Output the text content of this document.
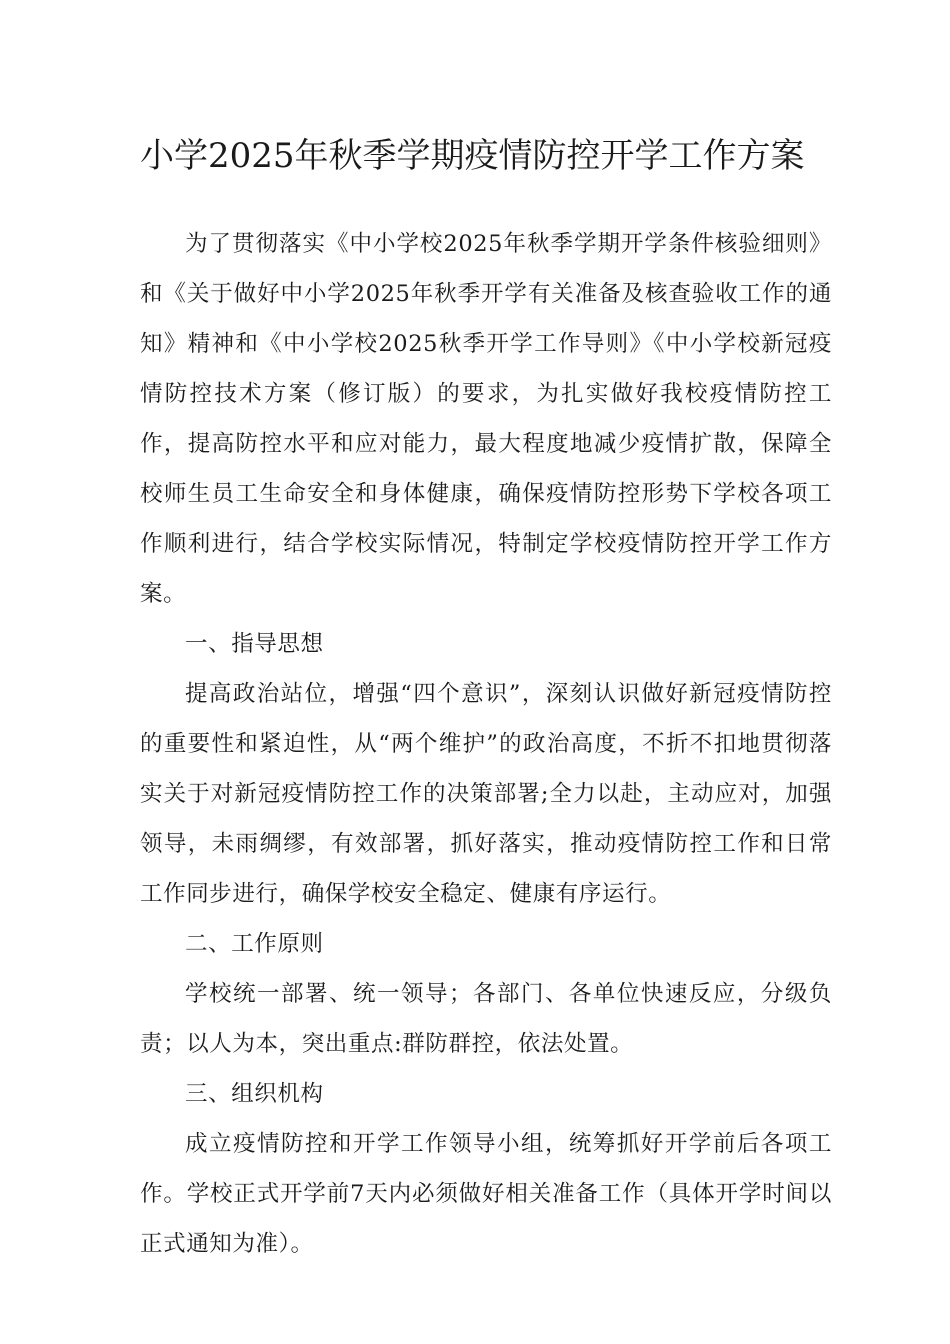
小学2025年秋季学期疫情防控开学工作方案

为了贯彻落实《中小学校2025年秋季学期开学条件核验细则》和《关于做好中小学2025年秋季开学有关准备及核查验收工作的通知》精神和《中小学校2025秋季开学工作导则》《中小学校新冠疫情防控技术方案（修订版）的要求，为扎实做好我校疫情防控工作，提高防控水平和应对能力，最大程度地减少疫情扩散，保障全校师生员工生命安全和身体健康，确保疫情防控形势下学校各项工作顺利进行，结合学校实际情况，特制定学校疫情防控开学工作方案。

一、指导思想

提高政治站位，增强“四个意识”，深刻认识做好新冠疫情防控的重要性和紧迫性，从“两个维护”的政治高度，不折不扣地贯彻落实关于对新冠疫情防控工作的决策部署;全力以赴，主动应对，加强领导，未雨绸缪，有效部署，抓好落实，推动疫情防控工作和日常工作同步进行，确保学校安全稳定、健康有序运行。

二、工作原则

学校统一部署、统一领导；各部门、各单位快速反应，分级负责；以人为本，突出重点:群防群控，依法处置。

三、组织机构

成立疫情防控和开学工作领导小组，统筹抓好开学前后各项工作。学校正式开学前7天内必须做好相关准备工作（具体开学时间以正式通知为准）。
